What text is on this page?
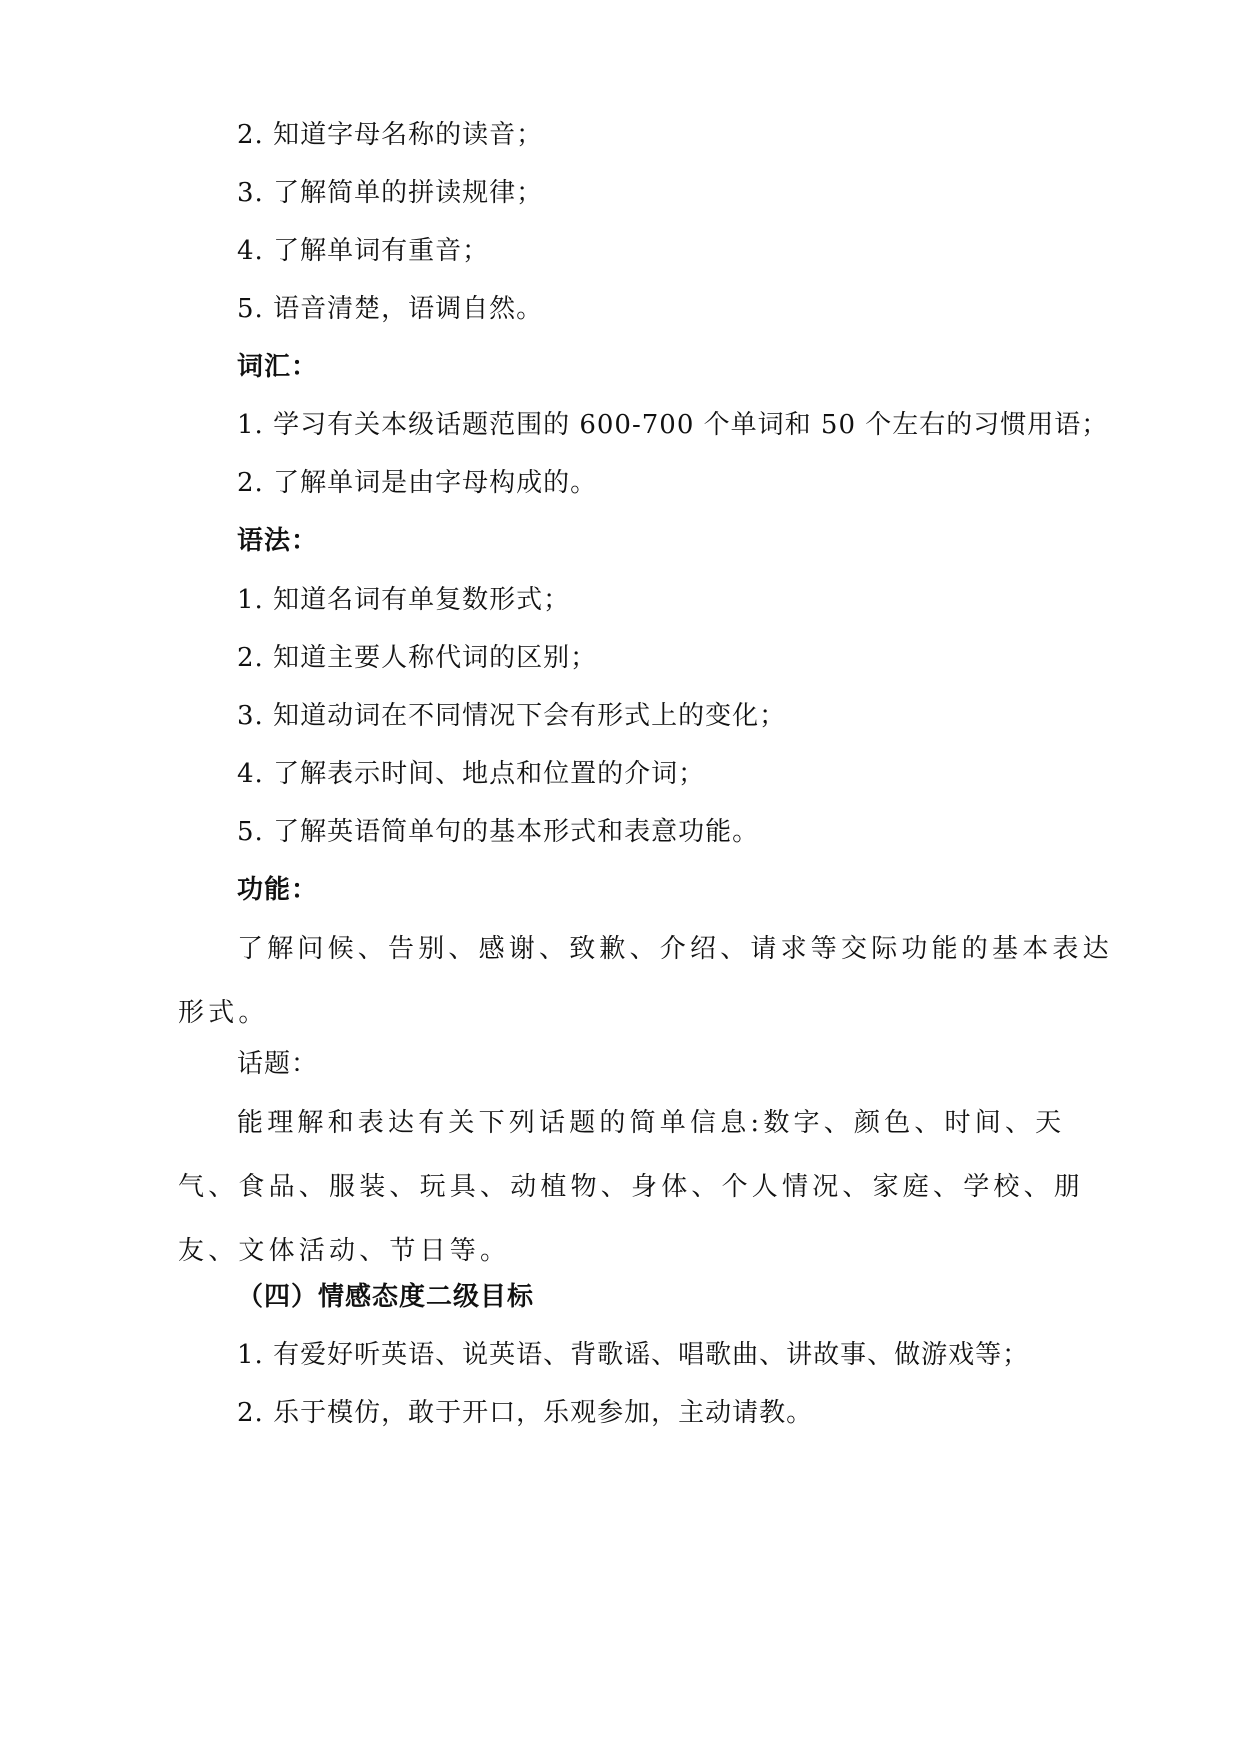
2. 知道字母名称的读音；
3. 了解简单的拼读规律；
4. 了解单词有重音；
5. 语音清楚，语调自然。
词汇：
1. 学习有关本级话题范围的 600-700 个单词和 50 个左右的习惯用语；
2. 了解单词是由字母构成的。
语法：
1. 知道名词有单复数形式；
2. 知道主要人称代词的区别；
3. 知道动词在不同情况下会有形式上的变化；
4. 了解表示时间、地点和位置的介词；
5. 了解英语简单句的基本形式和表意功能。
功能：
了解问候、告别、感谢、致歉、介绍、请求等交际功能的基本表达形式。
话题：
能理解和表达有关下列话题的简单信息:数字、颜色、时间、天气、食品、服装、玩具、动植物、身体、个人情况、家庭、学校、朋友、文体活动、节日等。
（四）情感态度二级目标
1. 有爱好听英语、说英语、背歌谣、唱歌曲、讲故事、做游戏等；
2. 乐于模仿，敢于开口，乐观参加，主动请教。
